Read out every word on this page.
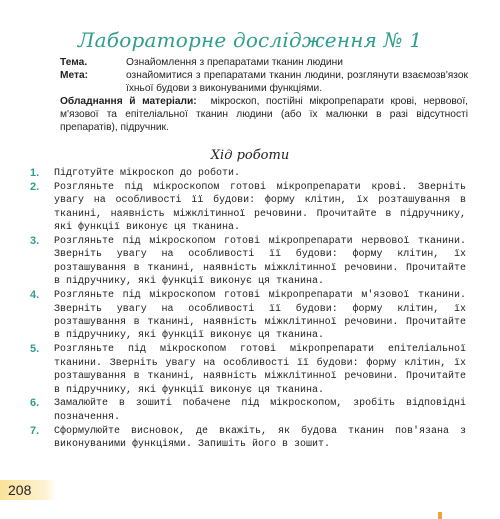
Лабораторне дослідження № 1
Тема.	Ознайомлення з препаратами тканин людини
Мета:	ознайомитися з препаратами тканин людини, розглянути взаємозв'язок їхньої будови з виконуваними функціями.
Обладнання й матеріали: мікроскоп, постійні мікропрепарати крові, нервової, м'язової та епітеліальної тканин людини (або їх малюнки в разі відсутності препаратів), підручник.
Хід роботи
1.	Підготуйте мікроскоп до роботи.
2.	Розгляньте під мікроскопом готові мікропрепарати крові. Зверніть увагу на особливості її будови: форму клітин, їх розташування в тканині, наявність міжклітинної речовини. Прочитайте в підручнику, які функції виконує ця тканина.
3.	Розгляньте під мікроскопом готові мікропрепарати нервової тканини. Зверніть увагу на особливості її будови: форму клітин, їх розташування в тканині, наявність міжклітинної речовини. Прочитайте в підручнику, які функції виконує ця тканина.
4.	Розгляньте під мікроскопом готові мікропрепарати м'язової тканини. Зверніть увагу на особливості її будови: форму клітин, їх розташування в тканині, наявність міжклітинної речовини. Прочитайте в підручнику, які функції виконує ця тканина.
5.	Розгляньте під мікроскопом готові мікропрепарати епітеліальної тканини. Зверніть увагу на особливості її будови: форму клітин, їх розташування в тканині, наявність міжклітинної речовини. Прочитайте в підручнику, які функції виконує ця тканина.
6.	Замалюйте в зошиті побачене під мікроскопом, зробіть відповідні позначення.
7.	Сформулюйте висновок, де вкажіть, як будова тканин пов'язана з виконуваними функціями. Запишіть його в зошит.
208
